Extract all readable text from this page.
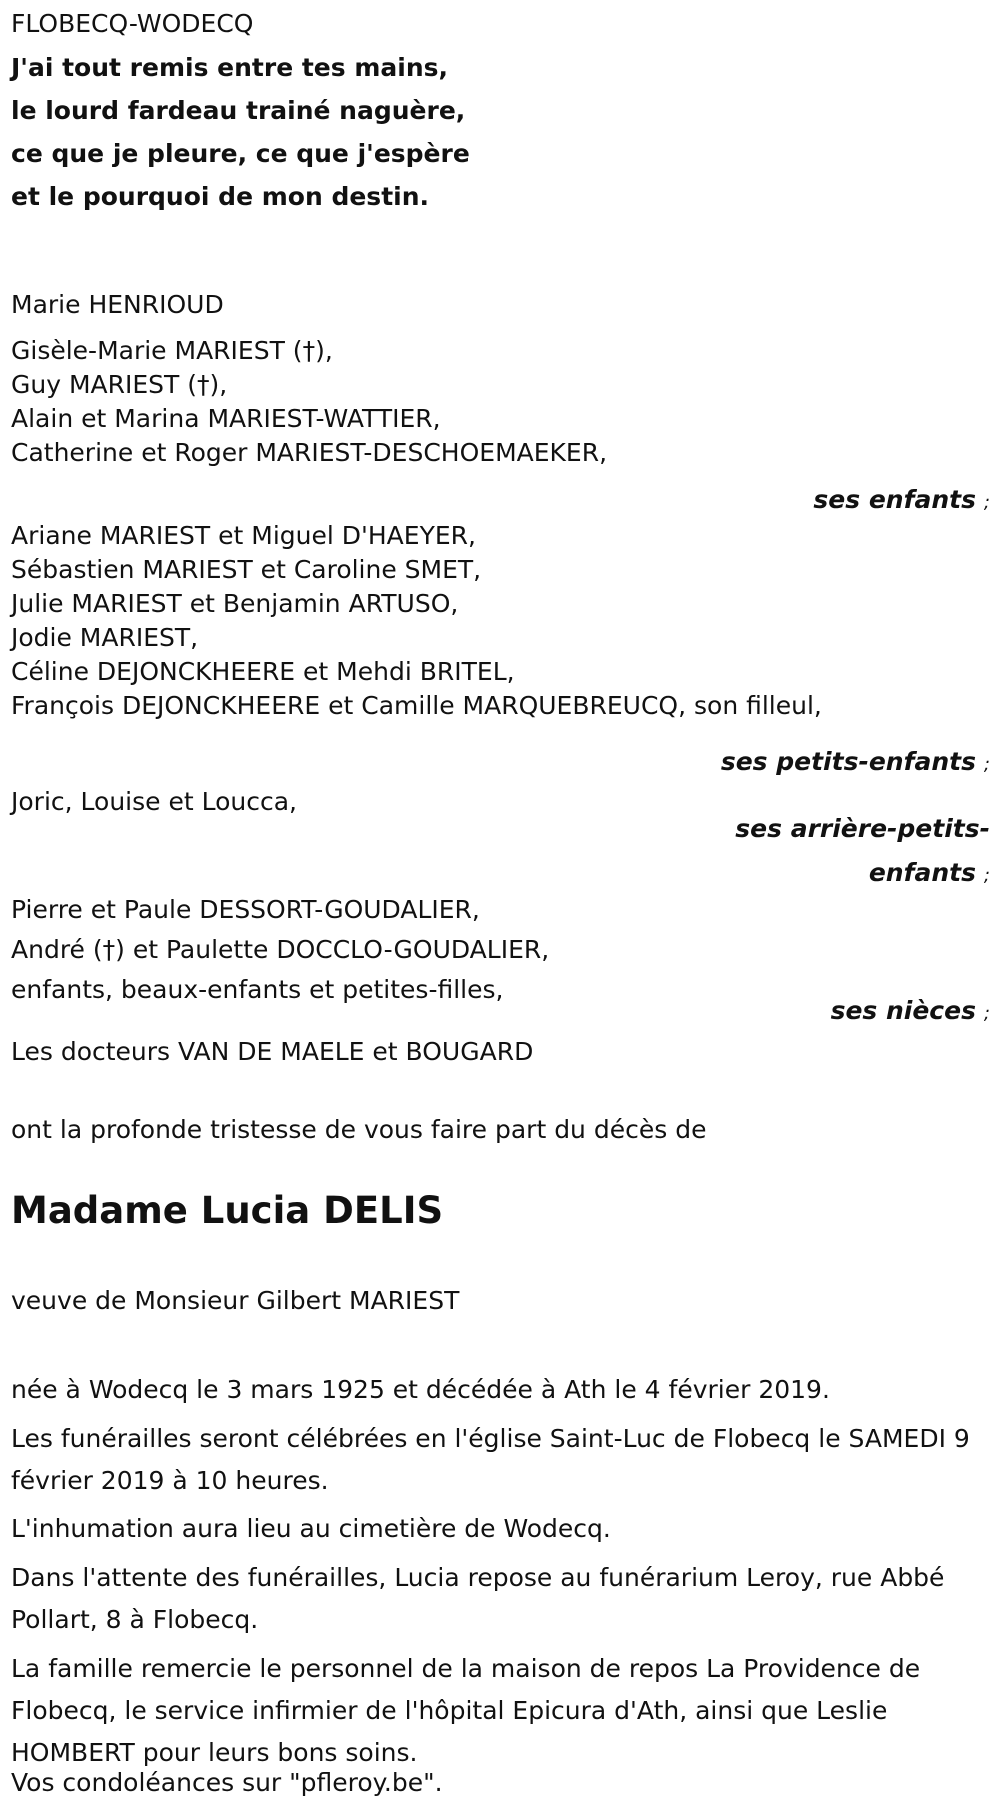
FLOBECQ-WODECQ
J'ai tout remis entre tes mains,
le lourd fardeau trainé naguère,
ce que je pleure, ce que j'espère
et le pourquoi de mon destin.
Marie HENRIOUD
Gisèle-Marie MARIEST (†),
Guy MARIEST (†),
Alain et Marina MARIEST-WATTIER,
Catherine et Roger MARIEST-DESCHOEMAEKER,
ses enfants ;
Ariane MARIEST et Miguel D'HAEYER,
Sébastien MARIEST et Caroline SMET,
Julie MARIEST et Benjamin ARTUSO,
Jodie MARIEST,
Céline DEJONCKHEERE et Mehdi BRITEL,
François DEJONCKHEERE et Camille MARQUEBREUCQ, son filleul,
ses petits-enfants ;
Joric, Louise et Loucca,
ses arrière-petits-
enfants ;
Pierre et Paule DESSORT-GOUDALIER,
André (†) et Paulette DOCCLO-GOUDALIER,
enfants, beaux-enfants et petites-filles,
ses nièces ;
Les docteurs VAN DE MAELE et BOUGARD
ont la profonde tristesse de vous faire part du décès de
Madame Lucia DELIS
veuve de Monsieur Gilbert MARIEST
née à Wodecq le 3 mars 1925 et décédée à Ath le 4 février 2019.
Les funérailles seront célébrées en l'église Saint-Luc de Flobecq le SAMEDI 9 février 2019 à 10 heures.
L'inhumation aura lieu au cimetière de Wodecq.
Dans l'attente des funérailles, Lucia repose au funérarium Leroy, rue Abbé Pollart, 8 à Flobecq.
La famille remercie le personnel de la maison de repos La Providence de Flobecq, le service infirmier de l'hôpital Epicura d'Ath, ainsi que Leslie HOMBERT pour leurs bons soins.
Vos condoléances sur "pfleroy.be".
